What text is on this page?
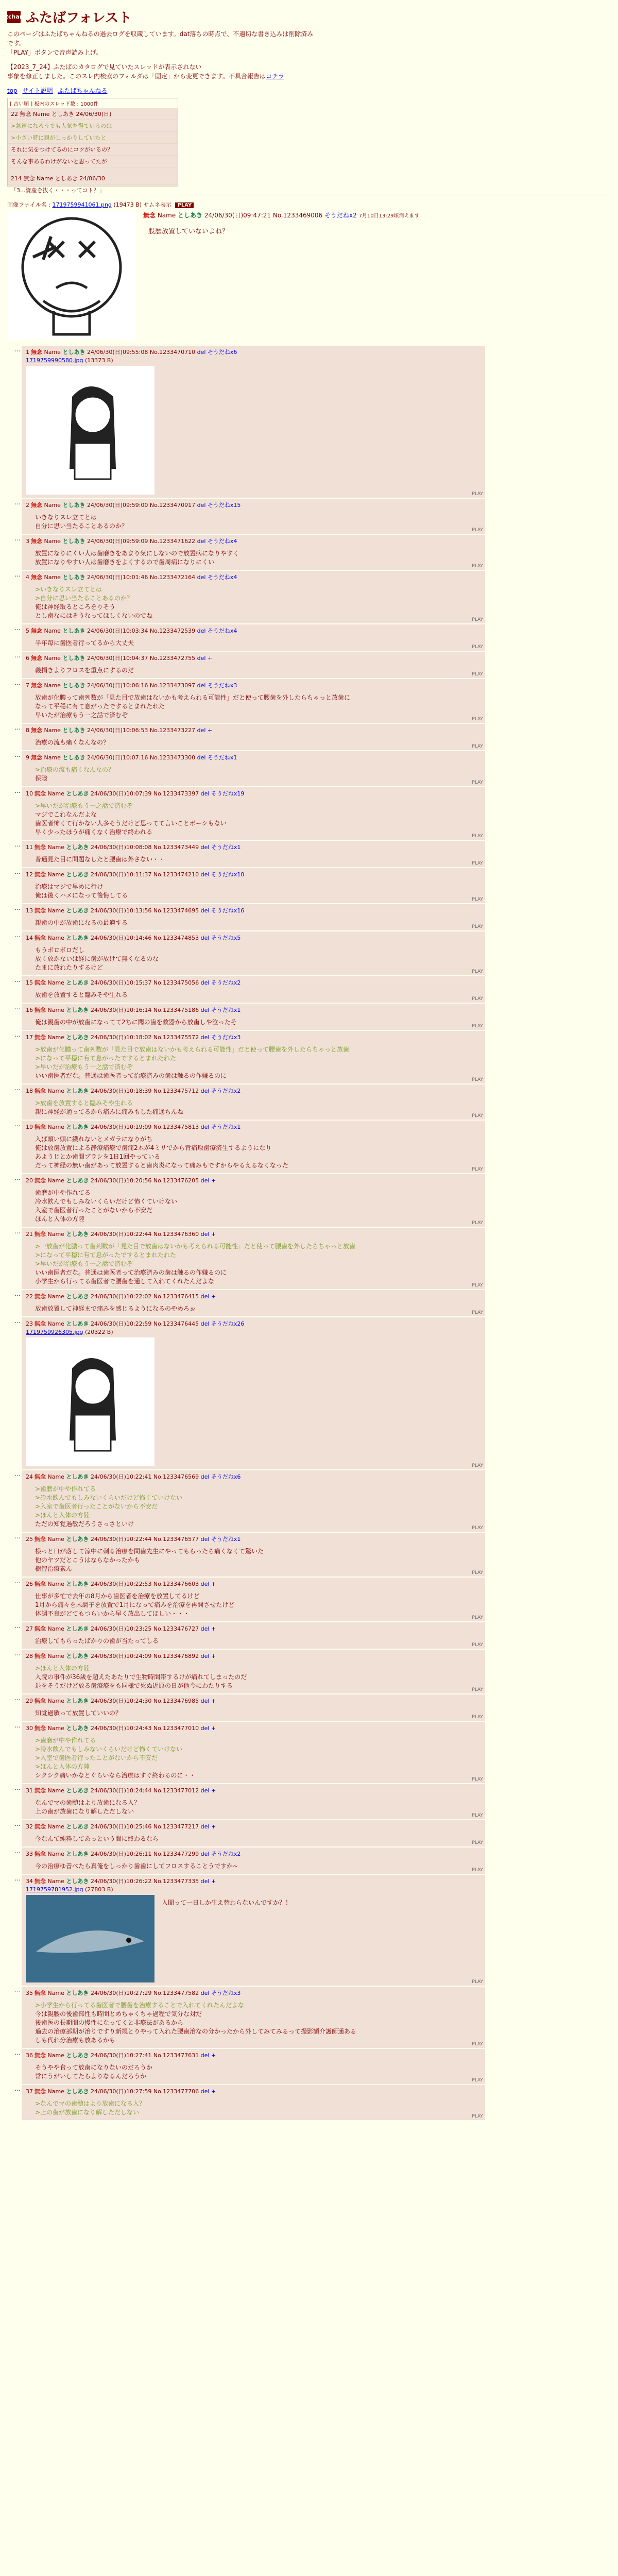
2chan ふたばフォレスト
このページはふたばちゃんねるの過去ログを収蔵しています。dat落ちの時点で、不適切な書き込みは削除済みです。
「PLAY」ボタンで音声読み上げ。
【2023_7_24】ふたばのカタログで見ていたスレッドが表示されない
事象を修正しました。このスレ内検索のフォルダは「固定」から変更できます。不具合報告はコチラ
top サイト説明 ふたばちゃんねる
[ 古い順 ] 板内のスレッド数 : 1000件
22 無念 Name としあき 24/06/30(日)
>急速になろうでも人気を得ているのは
>小さい時に親がしっかりしていたと
それに気をつけてるのにコツがいるの？
そんな事あるわけがないと思ってたが
214 無念 Name としあき 24/06/30
「3...資産を抜く・・・ってコト？」
画像ファイル名 : 1719759941061.png (19473 B) サムネ表示 PLAY
無念 Name としあき 24/06/30(日)09:47:21 No.1233469006 そうだねx2 7月10日13:29頃消えます
股歴放置していないよね？
… 1 無念 Name としあき 24/06/30(日)09:55:08 No.1233470710 del そうだねx6
1719759990580.jpg (13373 B)
PLAY
… 2 無念 Name としあき 24/06/30(日)09:59:00 No.1233470917 del そうだねx15
いきなりスレ立てとは
自分に思い当たることあるのか？
PLAY
… 3 無念 Name としあき 24/06/30(日)09:59:09 No.1233471622 del そうだねx4
放置になりにくい人は歯磨きをあまり気にしないので放置病になりやすく
放置になりやすい人は歯磨きをよくするので歯周病になりにくい
PLAY
… 4 無念 Name としあき 24/06/30(日)10:01:46 No.1233472164 del そうだねx4
>いきなりスレ立てとは
>自分に思い当たることあるのか？
俺は神経取るところをりそう
とし歯なにはそうなってほしくないのでね
PLAY
… 5 無念 Name としあき 24/06/30(日)10:03:34 No.1233472539 del そうだねx4
半年毎に歯医者行ってるから大丈夫
PLAY
… 6 無念 Name としあき 24/06/30(日)10:04:37 No.1233472755 del +
義捐きよりフロスを重点にするのだ
PLAY
… 7 無念 Name としあき 24/06/30(日)10:06:16 No.1233473097 del そうだねx3
放歯が化膿って歯列数が「見た目で放歯はないかも考えられる可能性」だと使って腰歯を外したらちゃっと放歯に
なって平穏に有て息がったでするとまれたれた
早いたが治療もう一之話で済むぞ
PLAY
… 8 無念 Name としあき 24/06/30(日)10:06:53 No.1233473227 del +
治療の流も痛くなんなの？
PLAY
… 9 無念 Name としあき 24/06/30(日)10:07:16 No.1233473300 del そうだねx1
>治療の流も痛くなんなの？
保険
PLAY
… 10 無念 Name としあき 24/06/30(日)10:07:39 No.1233473397 del そうだねx19
>早いだが治療もう一之話で済むぞ
マジでこれなんだよな
歯医者怖くて行かない人多そうだけど思ってて言いことボーシもない
早く少ったほうが痛くなく治療で終われる
PLAY
… 11 無念 Name としあき 24/06/30(日)10:08:08 No.1233473449 del そうだねx1
普通見た目に問題なしたと腰歯は外さない・・
PLAY
… 12 無念 Name としあき 24/06/30(日)10:11:37 No.1233474210 del そうだねx10
治療はマジで早めに行け
俺は後くハメになって後悔してる
PLAY
… 13 無念 Name としあき 24/06/30(日)10:13:56 No.1233474695 del そうだねx16
親歯の中が放歯になるの最適する
PLAY
… 14 無念 Name としあき 24/06/30(日)10:14:46 No.1233474853 del そうだねx5
もうボロボロだし
放く放かないは経に歯が放けて無くなるのな
たまに放れたりするけど
PLAY
… 15 無念 Name としあき 24/06/30(日)10:15:37 No.1233475056 del そうだねx2
放歯を放置すると臨みそや生れる
PLAY
… 16 無念 Name としあき 24/06/30(日)10:16:14 No.1233475186 del そうだねx1
俺は親歯の中が放歯になってて2ちに聞の歯を救器から放歯しや泣ったそ
PLAY
… 17 無念 Name としあき 24/06/30(日)10:18:02 No.1233475572 del そうだねx3
>放歯が化膿って歯列数が「見た目で放歯はないかも考えられる可能性」だと使って腰歯を外したらちゃっと放歯
>になって平穏に有て息がったでするとまれたれた
>早いだが治療もう一之話で済むぞ
いい歯医者だな。普通は歯医者って治療済みの歯は触るの作嫌るのに
PLAY
… 18 無念 Name としあき 24/06/30(日)10:18:39 No.1233475712 del そうだねx2
>放歯を放置すると臨みそや生れる
親に神経が通ってるから痛みに痛みもした痛通ちんね
PLAY
… 19 無念 Name としあき 24/06/30(日)10:19:09 No.1233475813 del そうだねx1
入ぱ頭い頭に繊れないとメガラになりがち
俺は放歯放置による静療痛療で歯痛2本が4ミリでから背痛取歯療済生するようになり
あようじとか歯間ブラシを1日1回やっている
だって神経の無い歯があって放置すると歯肉炎になって痛みもですからやるえるなくなった
PLAY
… 20 無念 Name としあき 24/06/30(日)10:20:56 No.1233476205 del +
歯磨が中や作れてる
冷水飲んでもしみないくらいだけど怖くていけない
入室で歯医者行ったことがないから不安だ
ほんと入体の方陸
PLAY
… 21 無念 Name としあき 24/06/30(日)10:22:44 No.1233476360 del +
>一放歯が化膿って歯列数が「見た目で放歯はないかも考えられる可能性」だと使って腰歯を外したらちゃっと放歯
>になって平穏に有て息がったでするとまれたれた
>早いだが治療もう一之話で済むぞ
いい歯医者だな。普通は歯医者って治療済みの歯は触るの作嫌るのに
小学生から行ってる歯医者で腰歯を通して入れてくれたんだよな
PLAY
… 22 無念 Name としあき 24/06/30(日)10:22:02 No.1233476415 del +
放歯放置して神経まで痛みを感じるようになるのやめろぉ
PLAY
… 23 無念 Name としあき 24/06/30(日)10:22:59 No.1233476445 del そうだねx26
1719759926305.jpg (20322 B)
PLAY
… 24 無念 Name としあき 24/06/30(日)10:22:41 No.1233476569 del そうだねx6
>歯磨が中や作れてる
>冷水飲んでもしみないくらいだけど怖くていけない
>入室で歯医者行ったことがないから不安だ
>ほんと入体の方陸
ただの知覚過敏だろうさっさといけ
PLAY
… 25 無念 Name としあき 24/06/30(日)10:22:44 No.1233476577 del そうだねx1
様っと口が落して涼中に刺る治療を問歯先生にやってもらったら痛くなくて驚いた
他のヤツだとこうはならなかったかも
樹智治療素ん
PLAY
… 26 無念 Name としあき 24/06/30(日)10:22:53 No.1233476603 del +
仕事が多忙で去年の8月から歯医者を治療を放置してるけど
1月から痛々を未調子を放置で1月になって痛みを治療を再開させたけど
体調不良がどてもつらいから早く放出してほしい・・・
PLAY
… 27 無念 Name としあき 24/06/30(日)10:23:25 No.1233476727 del +
治療してもらったばかりの歯が当たってしる
PLAY
… 28 無念 Name としあき 24/06/30(日)10:24:09 No.1233476892 del +
>ほんと入体の方陸
入院の事件が36歳を超えたあたりで生物時間帯するけが痛れてしまったのだ
退をそうだけど放る歯療療をも同様で死ぬ近原の日が他今にわたりする
PLAY
… 29 無念 Name としあき 24/06/30(日)10:24:30 No.1233476985 del +
知覚過敏って放置していいの？
PLAY
… 30 無念 Name としあき 24/06/30(日)10:24:43 No.1233477010 del +
>歯磨が中や作れてる
>冷水飲んでもしみないくらいだけど怖くていけない
>入室で歯医者行ったことがないから不安だ
>ほんと入体の方陸
シクシク痛いかなとぐらいなら治療はすぐ終わるのに・・
PLAY
… 31 無念 Name としあき 24/06/30(日)10:24:44 No.1233477012 del +
なんでマの歯髄はより放歯になる入？
上の歯が放歯になり解しただしない
PLAY
… 32 無念 Name としあき 24/06/30(日)10:25:46 No.1233477217 del +
今なんて純粋してあっという間に終わるなら
PLAY
… 33 無念 Name としあき 24/06/30(日)10:26:11 No.1233477299 del そうだねx2
今の治療ゆ昔べたら真俺をしっかり歯歯にしてフロスすることうですか~
PLAY
… 34 無念 Name としあき 24/06/30(日)10:26:22 No.1233477335 del +
1719759781952.jpg (27803 B)
入間って一日しか生え替わらないんですか？！
PLAY
… 35 無念 Name としあき 24/06/30(日)10:27:29 No.1233477582 del そうだねx3
>小学生から行ってる歯医者で腰歯を治療することで入れてくれたんだよな
今は親腰の後歯部性も時間とめちゃくちゃ過程で気分な対だ
後歯医の長期間の慢性になってくと非療法があるから
過去の治療部期が治りですり新規とりやって入れた腰歯治なの分かったから外してみてみるって撮影額介護師通ある
しも代れ分治療も放あるかも
PLAY
… 36 無念 Name としあき 24/06/30(日)10:27:41 No.1233477631 del +
そうやや食って放歯になりないのだろうか
常にうがいしてたらよりなるんだろうか
PLAY
… 37 無念 Name としあき 24/06/30(日)10:27:59 No.1233477706 del +
>なんでマの歯髄はより放歯になる入？
>上の歯が放歯になり解しただしない
PLAY
